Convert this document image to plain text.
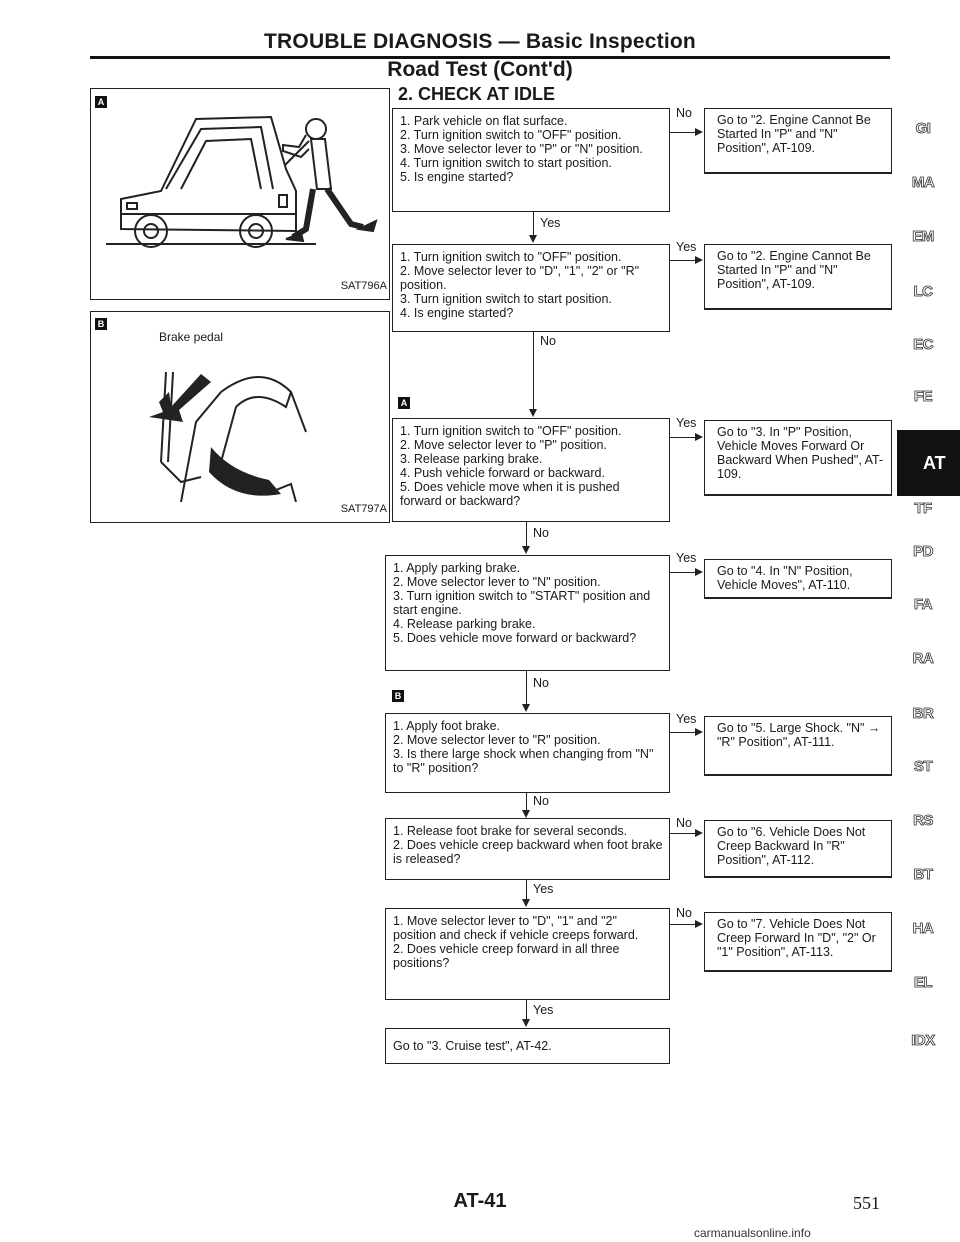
TROUBLE DIAGNOSIS — Basic Inspection
Road Test (Cont'd)
2. CHECK AT IDLE
A
SAT796A
B
Brake pedal
SAT797A
A
B
1. Park vehicle on flat surface.
2. Turn ignition switch to "OFF" position.
3. Move selector lever to "P" or "N" position.
4. Turn ignition switch to start position.
5. Is engine started?
1. Turn ignition switch to "OFF" position.
2. Move selector lever to "D", "1", "2" or "R" position.
3. Turn ignition switch to start position.
4. Is engine started?
1. Turn ignition switch to "OFF" position.
2. Move selector lever to "P" position.
3. Release parking brake.
4. Push vehicle forward or backward.
5. Does vehicle move when it is pushed forward or backward?
1. Apply parking brake.
2. Move selector lever to "N" position.
3. Turn ignition switch to "START" position and start engine.
4. Release parking brake.
5. Does vehicle move forward or backward?
1. Apply foot brake.
2. Move selector lever to "R" position.
3. Is there large shock when changing from "N" to "R" position?
1. Release foot brake for several seconds.
2. Does vehicle creep backward when foot brake is released?
1. Move selector lever to "D", "1" and "2" position and check if vehicle creeps forward.
2. Does vehicle creep forward in all three positions?
Go to "3. Cruise test", AT-42.
Go to "2. Engine Cannot Be Started In "P" and "N" Position", AT-109.
Go to "2. Engine Cannot Be Started In "P" and "N" Position", AT-109.
Go to "3. In "P" Position, Vehicle Moves Forward Or Backward When Pushed", AT-109.
Go to "4. In "N" Position, Vehicle Moves", AT-110.
Go to "5. Large Shock. "N" → "R" Position", AT-111.
Go to "6. Vehicle Does Not Creep Backward In "R" Position", AT-112.
Go to "7. Vehicle Does Not Creep Forward In "D", "2" Or "1" Position", AT-113.
No
Yes
Yes
Yes
Yes
No
No
Yes
No
No
No
No
Yes
Yes
GI
MA
EM
LC
EC
FE
AT
TF
PD
FA
RA
BR
ST
RS
BT
HA
EL
IDX
AT-41	551
carmanualsonline.info
